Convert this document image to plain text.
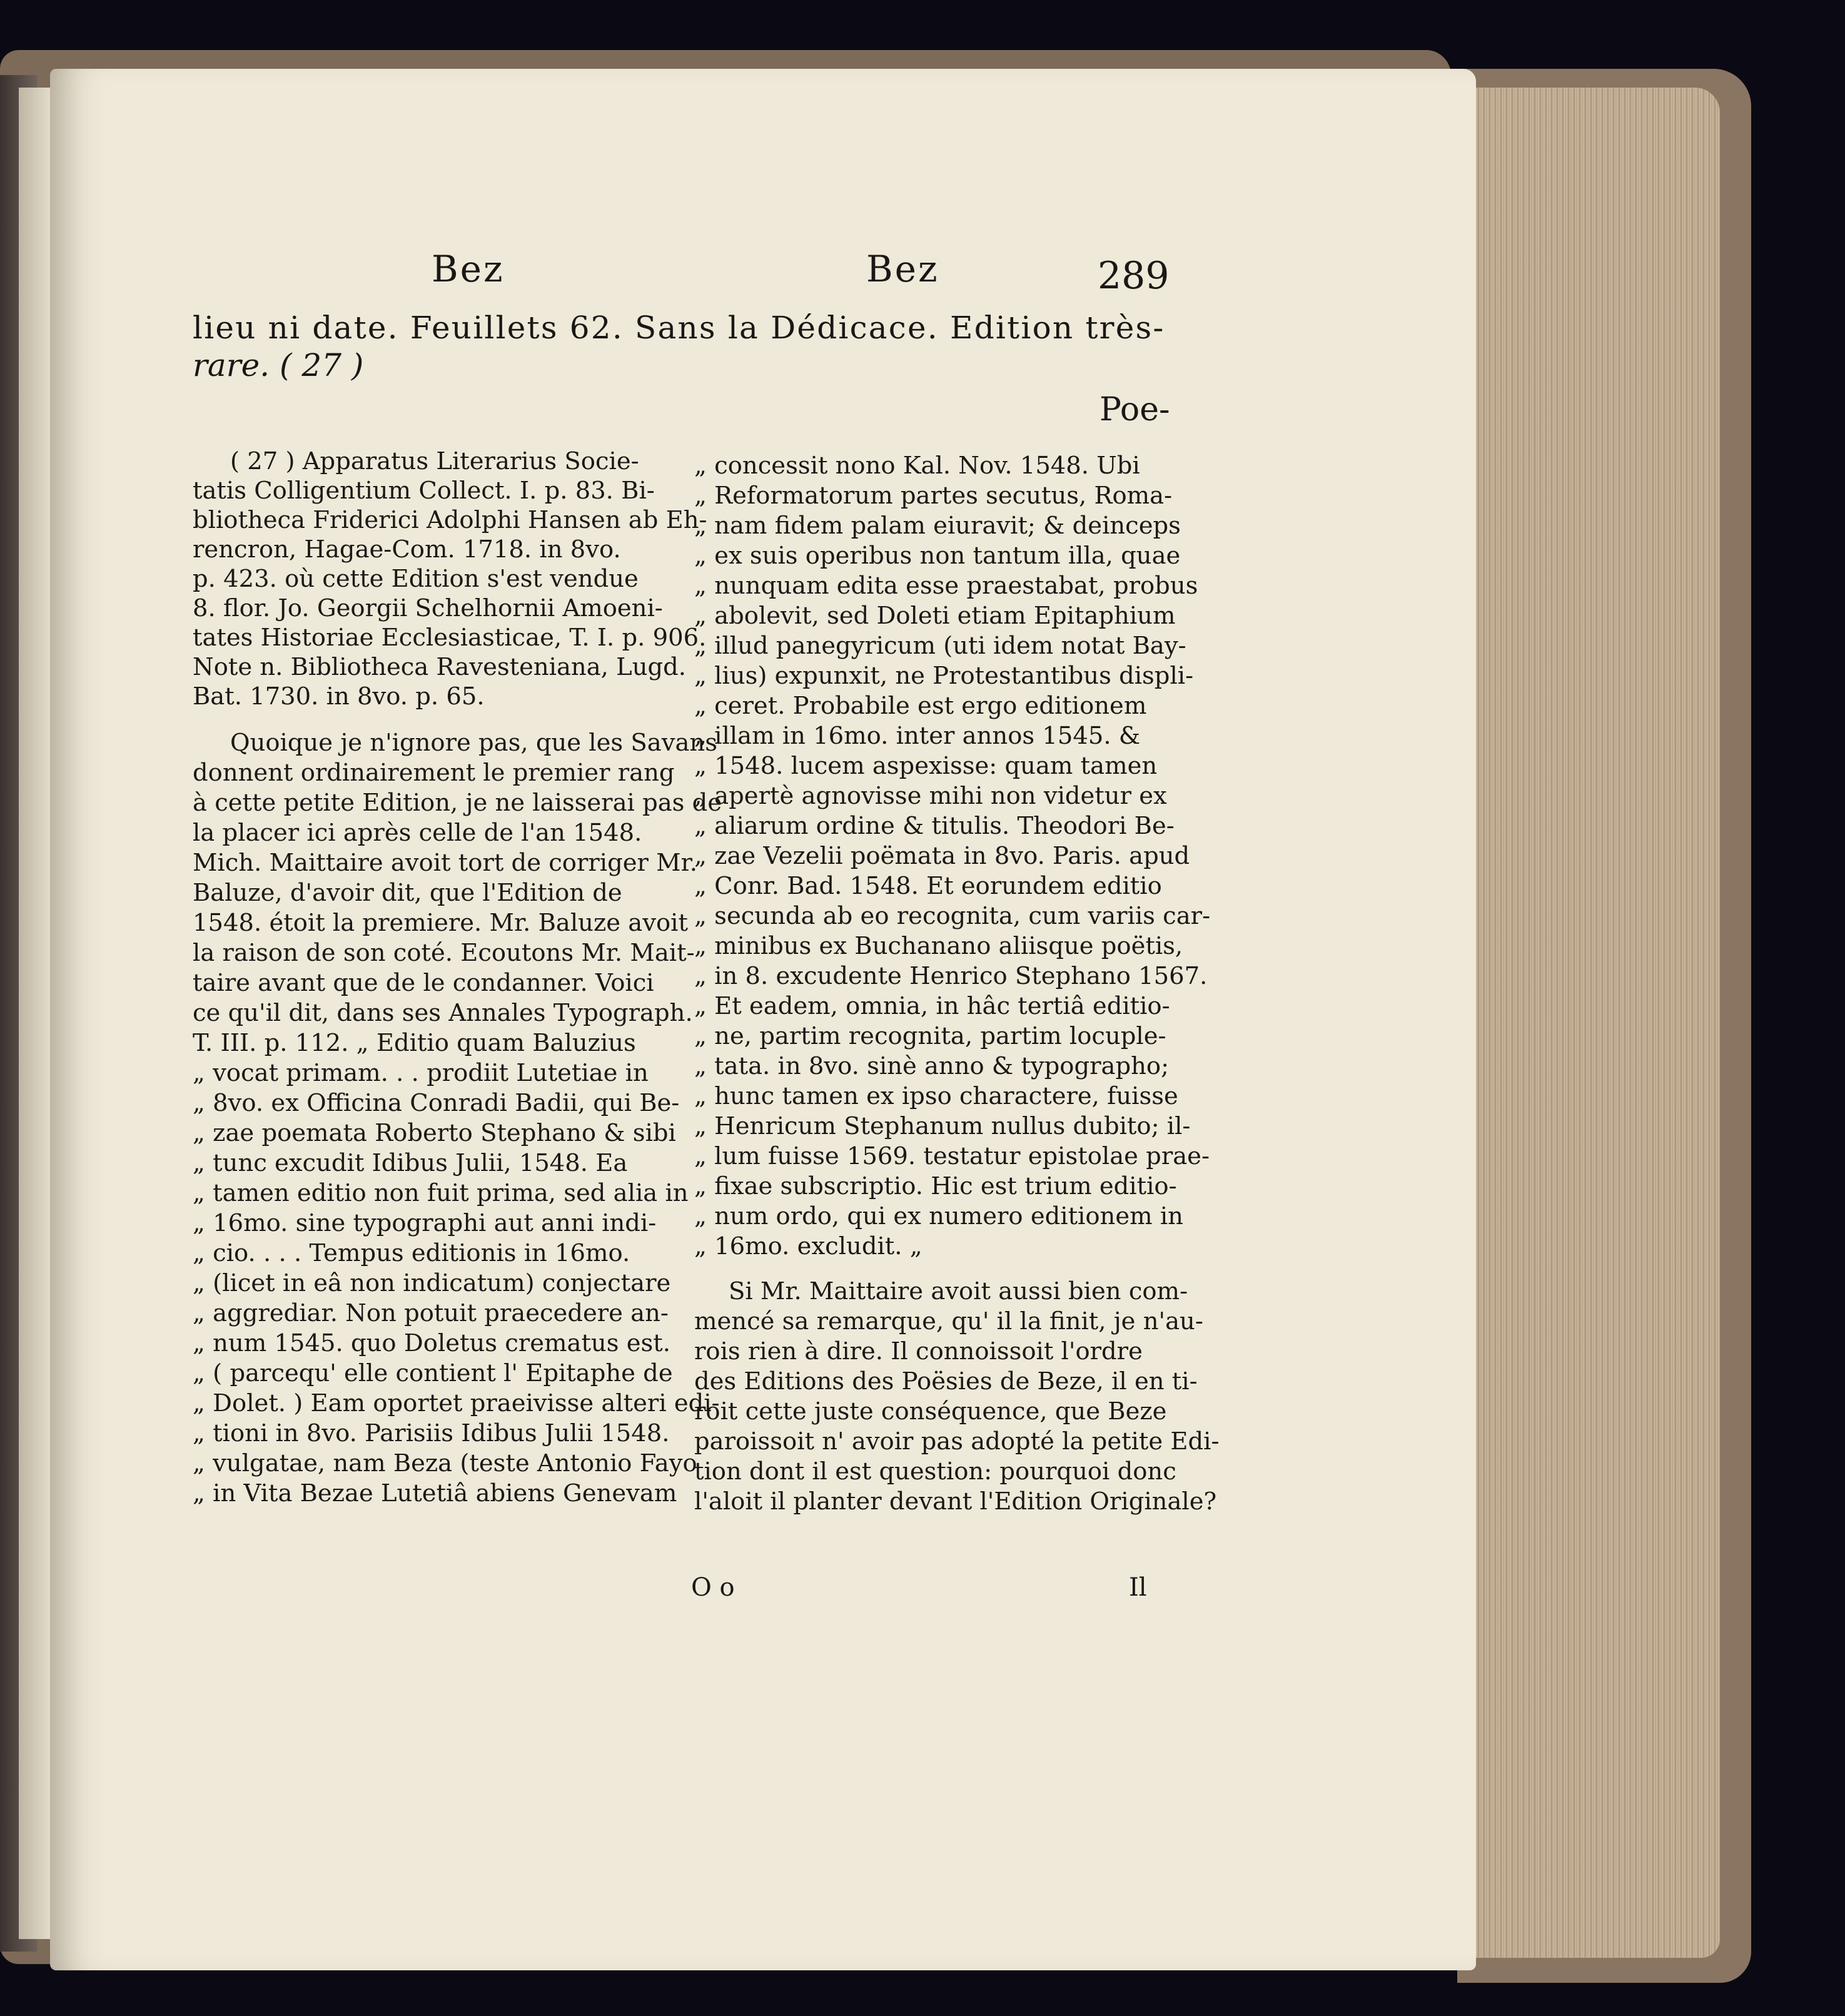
Bez	Bez	289
lieu ni date. Feuillets 62. Sans la Dédicace. Edition très-
rare. ( 27 )
Poe-
( 27 ) Apparatus Literarius Socie-
tatis Colligentium Collect. I. p. 83. Bi-
bliotheca Friderici Adolphi Hansen ab Eh-
rencron, Hagae-Com. 1718. in 8vo.
p. 423. où cette Edition s'est vendue
8. flor. Jo. Georgii Schelhornii Amoeni-
tates Historiae Ecclesiasticae, T. I. p. 906.
Note n. Bibliotheca Ravesteniana, Lugd.
Bat. 1730. in 8vo. p. 65.
Quoique je n'ignore pas, que les Savans
donnent ordinairement le premier rang
à cette petite Edition, je ne laisserai pas de
la placer ici après celle de l'an 1548.
Mich. Maittaire avoit tort de corriger Mr.
Baluze, d'avoir dit, que l'Edition de
1548. étoit la premiere. Mr. Baluze avoit
la raison de son coté. Ecoutons Mr. Mait-
taire avant que de le condanner. Voici
ce qu'il dit, dans ses Annales Typograph.
T. III. p. 112. „ Editio quam Baluzius
„ vocat primam. . . prodiit Lutetiae in
„ 8vo. ex Officina Conradi Badii, qui Be-
„ zae poemata Roberto Stephano & sibi
„ tunc excudit Idibus Julii, 1548. Ea
„ tamen editio non fuit prima, sed alia in
„ 16mo. sine typographi aut anni indi-
„ cio. . . . Tempus editionis in 16mo.
„ (licet in eâ non indicatum) conjectare
„ aggrediar. Non potuit praecedere an-
„ num 1545. quo Doletus crematus est.
„ ( parcequ' elle contient l' Epitaphe de
„ Dolet. ) Eam oportet praeivisse alteri edi-
„ tioni in 8vo. Parisiis Idibus Julii 1548.
„ vulgatae, nam Beza (teste Antonio Fayo
„ in Vita Bezae Lutetiâ abiens Genevam
„ concessit nono Kal. Nov. 1548. Ubi
„ Reformatorum partes secutus, Roma-
„ nam fidem palam eiuravit; & deinceps
„ ex suis operibus non tantum illa, quae
„ nunquam edita esse praestabat, probus
„ abolevit, sed Doleti etiam Epitaphium
„ illud panegyricum (uti idem notat Bay-
„ lius) expunxit, ne Protestantibus displi-
„ ceret. Probabile est ergo editionem
„ illam in 16mo. inter annos 1545. &
„ 1548. lucem aspexisse: quam tamen
„ apertè agnovisse mihi non videtur ex
„ aliarum ordine & titulis. Theodori Be-
„ zae Vezelii poëmata in 8vo. Paris. apud
„ Conr. Bad. 1548. Et eorundem editio
„ secunda ab eo recognita, cum variis car-
„ minibus ex Buchanano aliisque poëtis,
„ in 8. excudente Henrico Stephano 1567.
„ Et eadem, omnia, in hâc tertiâ editio-
„ ne, partim recognita, partim locuple-
„ tata. in 8vo. sinè anno & typographo;
„ hunc tamen ex ipso charactere, fuisse
„ Henricum Stephanum nullus dubito; il-
„ lum fuisse 1569. testatur epistolae prae-
„ fixae subscriptio. Hic est trium editio-
„ num ordo, qui ex numero editionem in
„ 16mo. excludit. „
Si Mr. Maittaire avoit aussi bien com-
mencé sa remarque, qu' il la finit, je n'au-
rois rien à dire. Il connoissoit l'ordre
des Editions des Poësies de Beze, il en ti-
roit cette juste conséquence, que Beze
paroissoit n' avoir pas adopté la petite Edi-
tion dont il est question: pourquoi donc
l'aloit il planter devant l'Edition Originale?
O o	Il
